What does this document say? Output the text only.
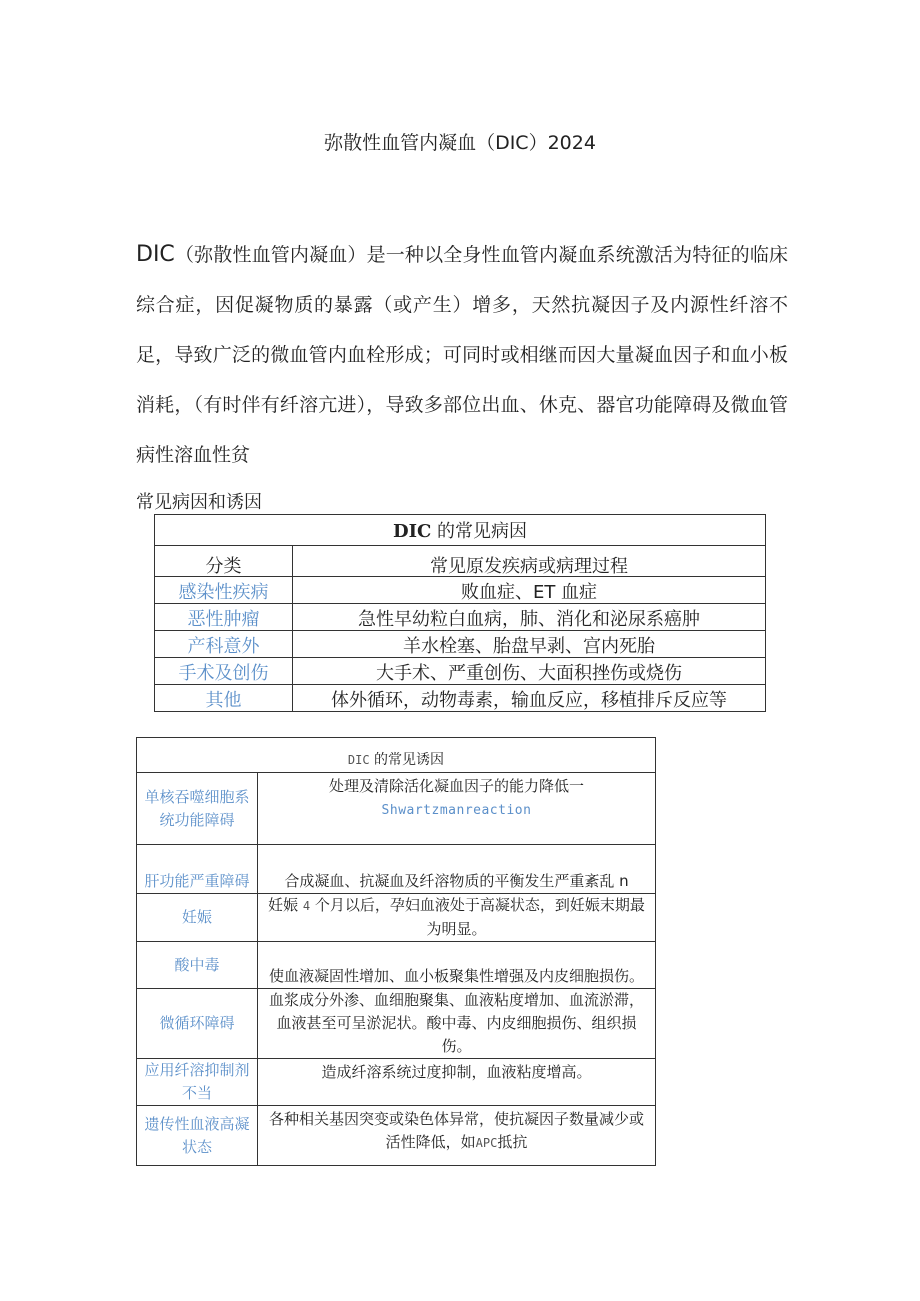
弥散性血管内凝血（DIC）2024

DIC（弥散性血管内凝血）是一种以全身性血管内凝血系统激活为特征的临床综合症，因促凝物质的暴露（或产生）增多，天然抗凝因子及内源性纤溶不足，导致广泛的微血管内血栓形成；可同时或相继而因大量凝血因子和血小板消耗，（有时伴有纤溶亢进），导致多部位出血、休克、器官功能障碍及微血管病性溶血性贫

常见病因和诱因
DIC 的常见病因	
分类	常见原发疾病或病理过程
感染性疾病	败血症、ET 血症
恶性肿瘤	急性早幼粒白血病，肺、消化和泌尿系癌肿
产科意外	羊水栓塞、胎盘早剥、宫内死胎
手术及创伤	大手术、严重创伤、大面积挫伤或烧伤
其他	体外循环，动物毒素，输血反应，移植排斥反应等
DIC 的常见诱因	
单核吞噬细胞系统功能障碍	处理及清除活化凝血因子的能力降低一
Shwartzmanreaction
肝功能严重障碍	合成凝血、抗凝血及纤溶物质的平衡发生严重紊乱 n
妊娠	妊娠 4 个月以后，孕妇血液处于高凝状态，到妊娠末期最为明显。
酸中毒	使血液凝固性增加、血小板聚集性增强及内皮细胞损伤。
微循环障碍	血浆成分外渗、血细胞聚集、血液粘度增加、血流淤滞，血液甚至可呈淤泥状。酸中毒、内皮细胞损伤、组织损伤。
应用纤溶抑制剂不当	造成纤溶系统过度抑制，血液粘度增高。
遗传性血液高凝状态	各种相关基因突变或染色体异常，使抗凝因子数量减少或活性降低，如APC抵抗
